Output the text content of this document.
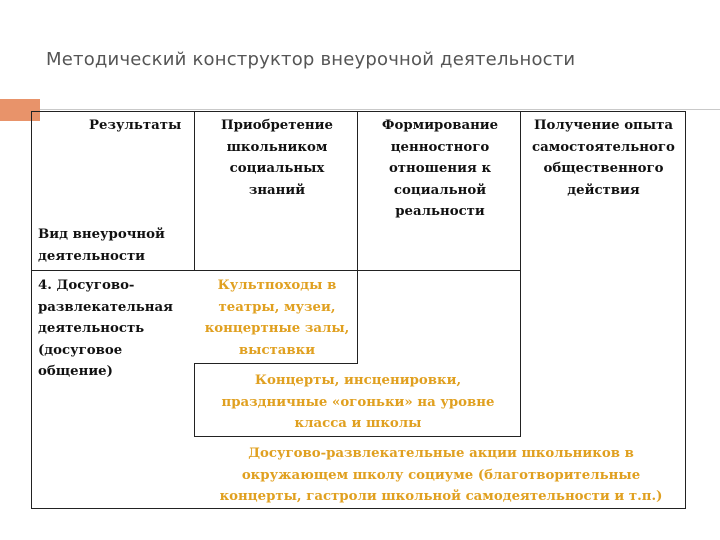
Методический конструктор внеурочной деятельности
Результаты
Вид внеурочной
деятельности
Приобретение
школьником
социальных
знаний
Формирование
ценностного
отношения к
социальной
реальности
Получение опыта
самостоятельного
общественного
действия
4. Досугово-
развлекательная
деятельность
(досуговое
общение)
Культпоходы в
театры, музеи,
концертные залы,
выставки
Концерты, инсценировки,
праздничные «огоньки» на уровне
класса и школы
Досугово-развлекательные акции школьников в
окружающем школу социуме (благотворительные
концерты, гастроли школьной самодеятельности и т.п.)
